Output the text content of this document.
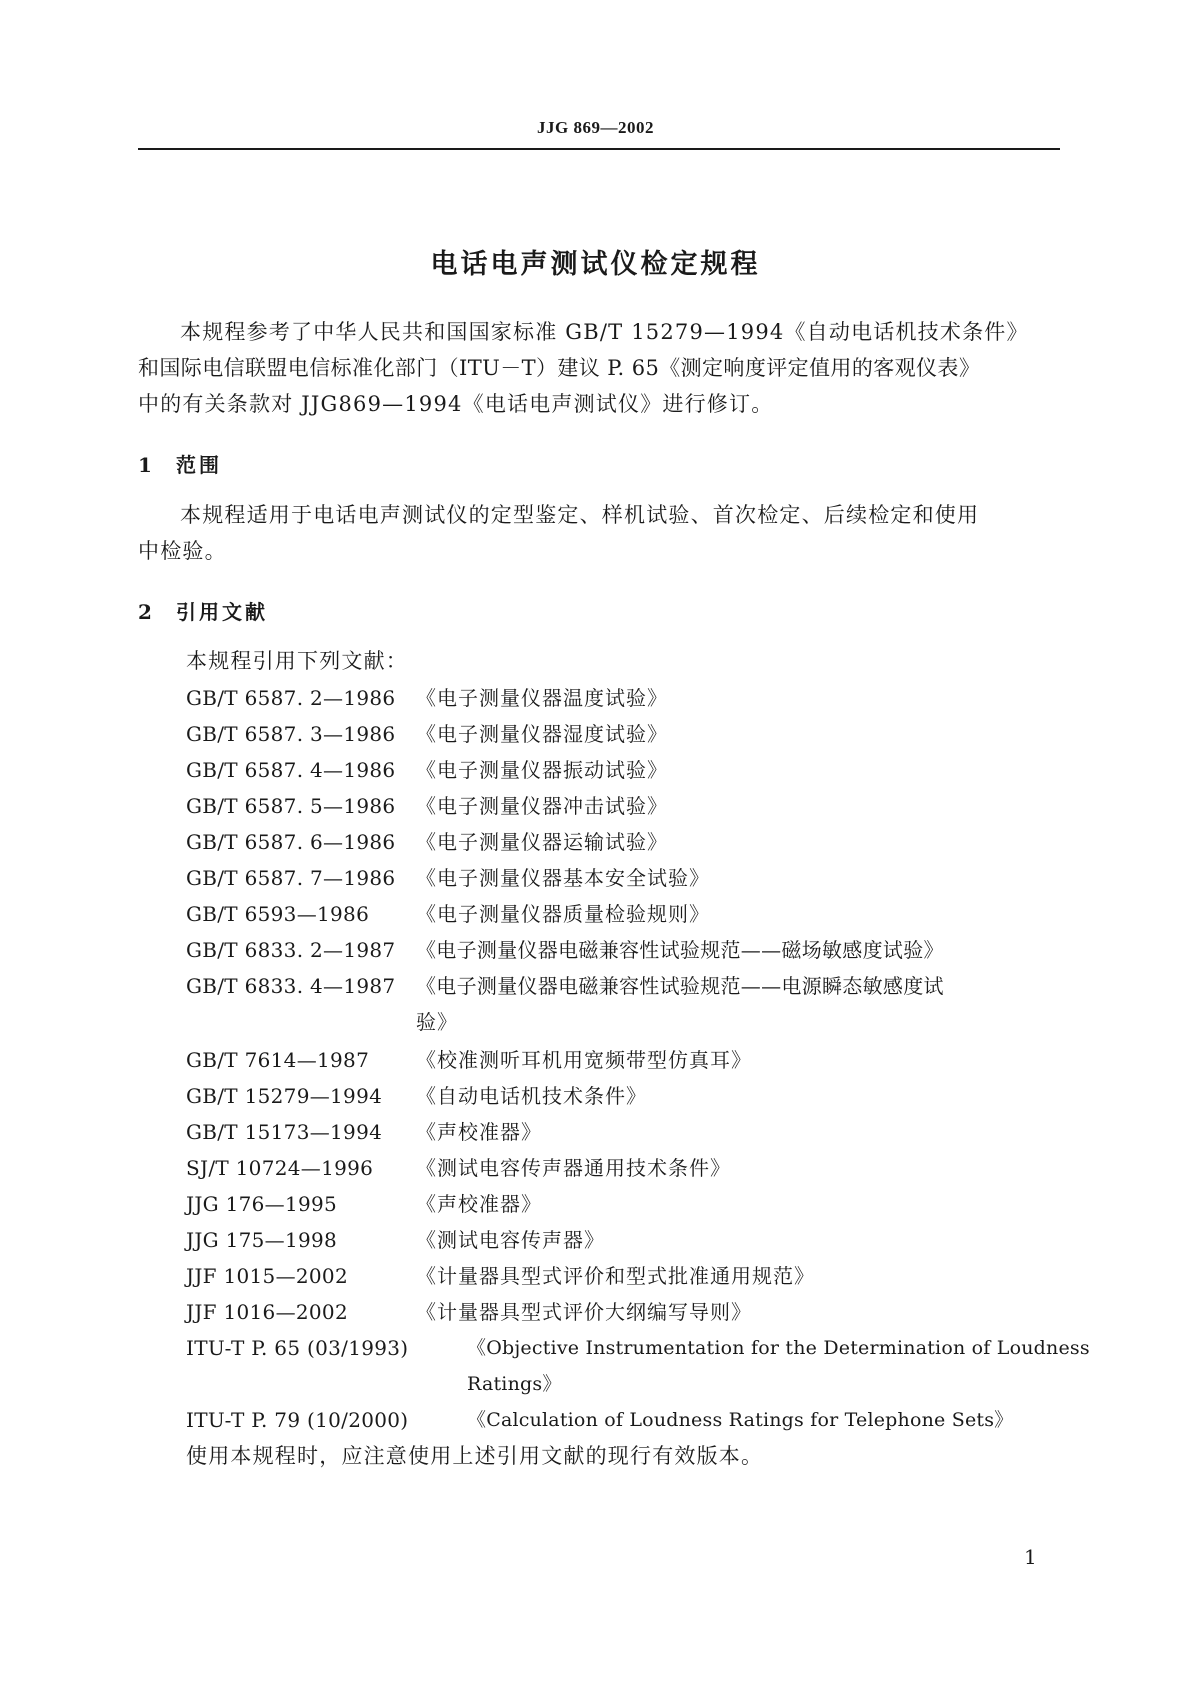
JJG 869—2002
电话电声测试仪检定规程
本规程参考了中华人民共和国国家标准 GB/T 15279—1994《自动电话机技术条件》
和国际电信联盟电信标准化部门（ITU－T）建议 P. 65《测定响度评定值用的客观仪表》
中的有关条款对 JJG869—1994《电话电声测试仪》进行修订。
1 范围
本规程适用于电话电声测试仪的定型鉴定、样机试验、首次检定、后续检定和使用
中检验。
2 引用文献
本规程引用下列文献：
GB/T 6587. 2—1986 《电子测量仪器温度试验》
GB/T 6587. 3—1986 《电子测量仪器湿度试验》
GB/T 6587. 4—1986 《电子测量仪器振动试验》
GB/T 6587. 5—1986 《电子测量仪器冲击试验》
GB/T 6587. 6—1986 《电子测量仪器运输试验》
GB/T 6587. 7—1986 《电子测量仪器基本安全试验》
GB/T 6593—1986 《电子测量仪器质量检验规则》
GB/T 6833. 2—1987 《电子测量仪器电磁兼容性试验规范——磁场敏感度试验》
GB/T 6833. 4—1987 《电子测量仪器电磁兼容性试验规范——电源瞬态敏感度试
验》
GB/T 7614—1987 《校准测听耳机用宽频带型仿真耳》
GB/T 15279—1994 《自动电话机技术条件》
GB/T 15173—1994 《声校准器》
SJ/T 10724—1996 《测试电容传声器通用技术条件》
JJG 176—1995	《声校准器》
JJG 175—1998	《测试电容传声器》
JJF 1015—2002	《计量器具型式评价和型式批准通用规范》
JJF 1016—2002	《计量器具型式评价大纲编写导则》
ITU-T P. 65 (03/1993)	《Objective Instrumentation for the Determination of Loudness
Ratings》
ITU-T P. 79 (10/2000)	《Calculation of Loudness Ratings for Telephone Sets》
使用本规程时，应注意使用上述引用文献的现行有效版本。
1
